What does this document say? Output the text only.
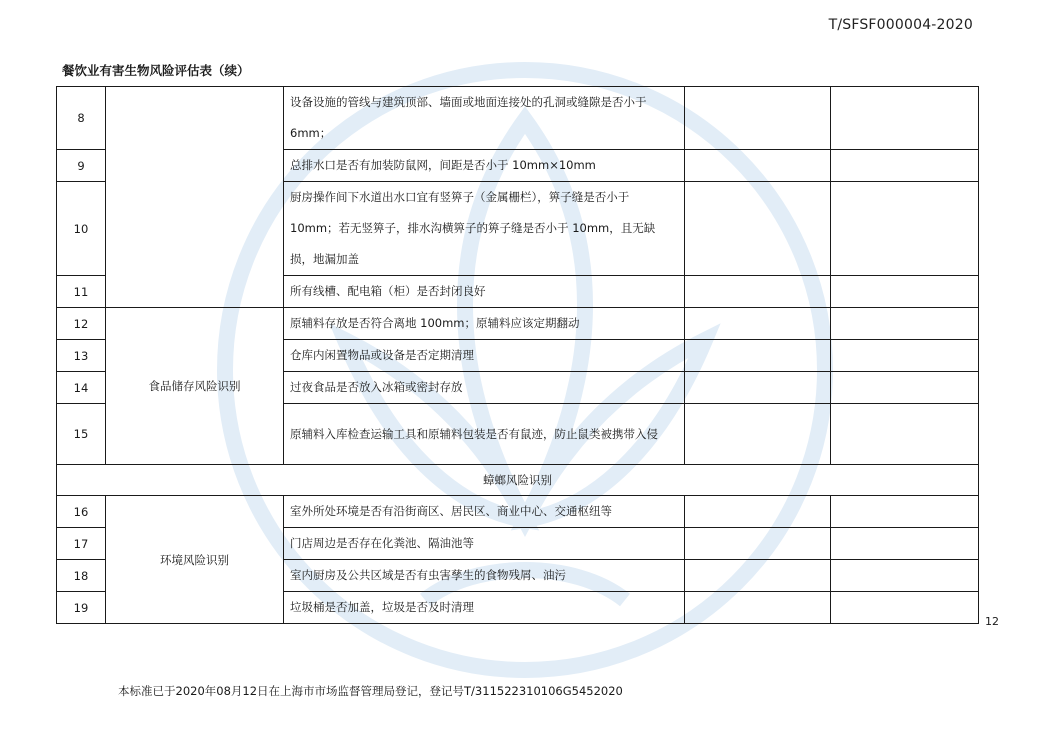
T/SFSF000004-2020
餐饮业有害生物风险评估表（续）
8		设备设施的管线与建筑顶部、墙面或地面连接处的孔洞或缝隙是否小于 6mm；		
9		总排水口是否有加装防鼠网，间距是否小于 10mm×10mm		
10		厨房操作间下水道出水口宜有竖箅子（金属栅栏），箅子缝是否小于 10mm；若无竖箅子，排水沟横箅子的箅子缝是否小于 10mm，且无缺损，地漏加盖		
11		所有线槽、配电箱（柜）是否封闭良好		
12	食品储存风险识别	原辅料存放是否符合离地 100mm；原辅料应该定期翻动		
13		仓库内闲置物品或设备是否定期清理		
14		过夜食品是否放入冰箱或密封存放		
15		原辅料入库检查运输工具和原辅料包装是否有鼠迹，防止鼠类被携带入侵		
蟑螂风险识别				
16	环境风险识别	室外所处环境是否有沿街商区、居民区、商业中心、交通枢纽等		
17		门店周边是否存在化粪池、隔油池等		
18		室内厨房及公共区域是否有虫害孳生的食物残屑、油污		
19		垃圾桶是否加盖，垃圾是否及时清理		
12
本标准已于2020年08月12日在上海市市场监督管理局登记，登记号T/311522310106G5452020
